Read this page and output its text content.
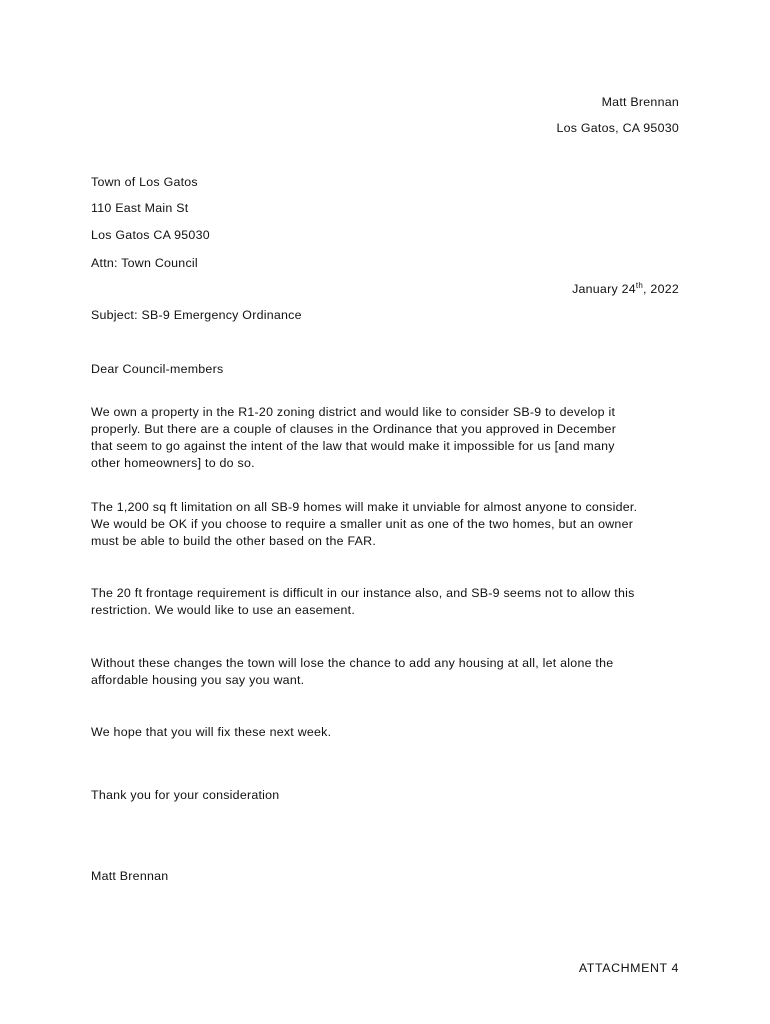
Matt Brennan
Los Gatos, CA 95030
Town of Los Gatos
110 East Main St
Los Gatos CA 95030
Attn: Town Council
January 24th, 2022
Subject: SB-9 Emergency Ordinance
Dear Council-members
We own a property in the R1-20 zoning district and would like to consider SB-9 to develop it
properly. But there are a couple of clauses in the Ordinance that you approved in December
that seem to go against the intent of the law that would make it impossible for us [and many
other homeowners] to do so.
The 1,200 sq ft limitation on all SB-9 homes will make it unviable for almost anyone to consider.
We would be OK if you choose to require a smaller unit as one of the two homes, but an owner
must be able to build the other based on the FAR.
The 20 ft frontage requirement is difficult in our instance also, and SB-9 seems not to allow this
restriction. We would like to use an easement.
Without these changes the town will lose the chance to add any housing at all, let alone the
affordable housing you say you want.
We hope that you will fix these next week.
Thank you for your consideration
Matt Brennan
ATTACHMENT 4
